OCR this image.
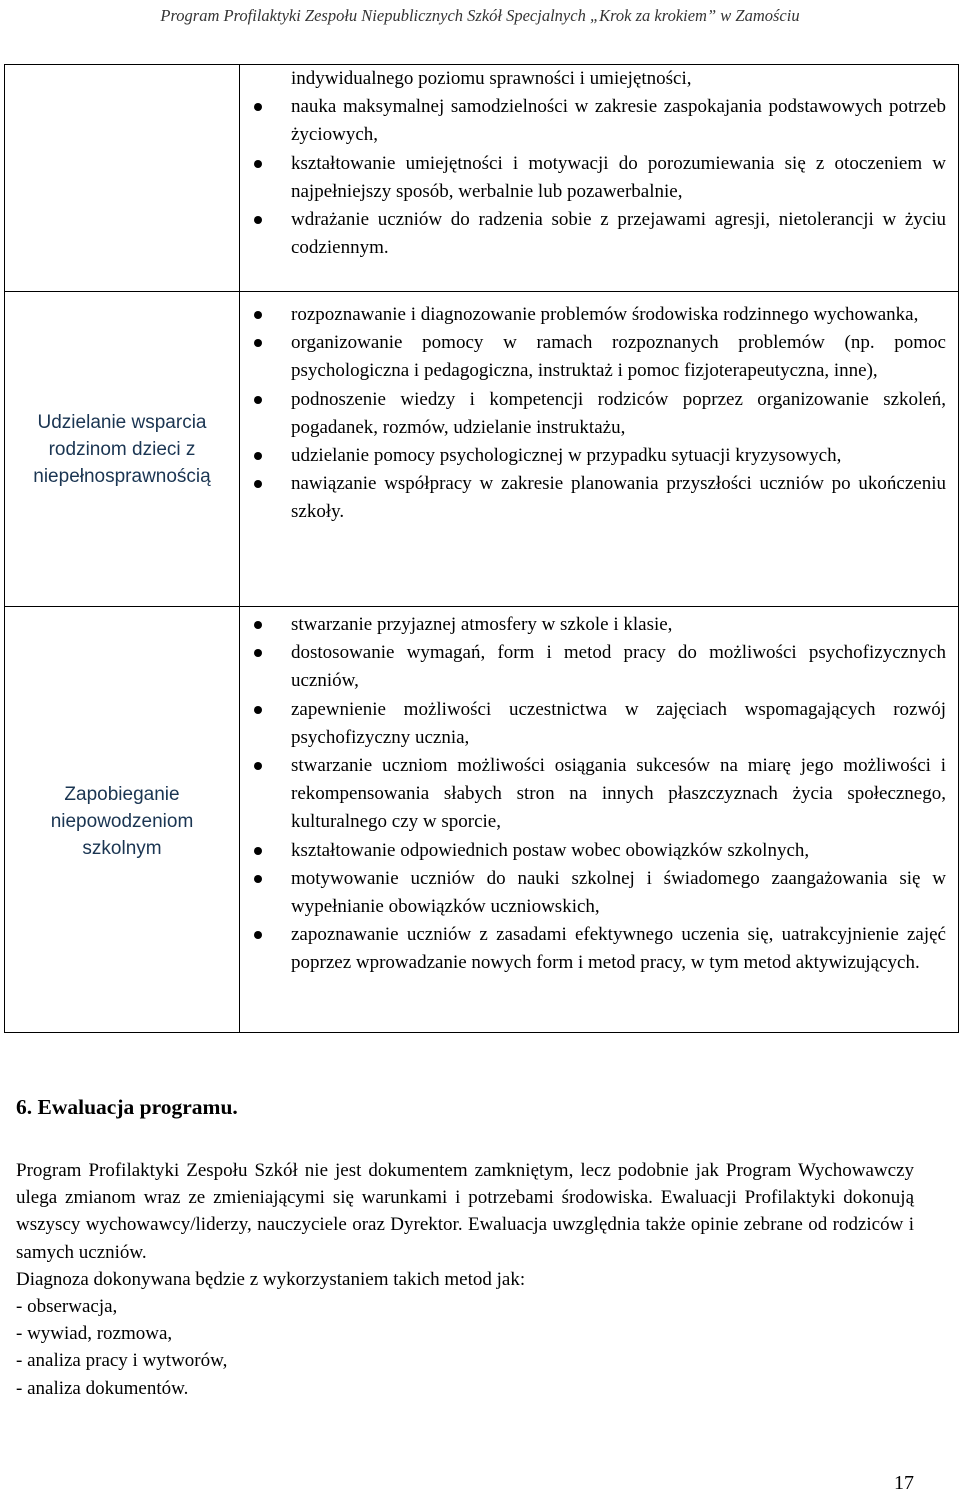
Program Profilaktyki Zespołu Niepublicznych Szkół Specjalnych „Krok za krokiem” w Zamościu
indywidualnego poziomu sprawności i umiejętności,
nauka maksymalnej samodzielności w zakresie zaspokajania podstawowych potrzeb życiowych,
kształtowanie umiejętności i motywacji do porozumiewania się z otoczeniem w najpełniejszy sposób, werbalnie lub pozawerbalnie,
wdrażanie uczniów do radzenia sobie z przejawami agresji, nietolerancji w życiu codziennym.
Udzielanie wsparcia rodzinom dzieci z niepełnosprawnością
rozpoznawanie i diagnozowanie problemów środowiska rodzinnego wychowanka,
organizowanie pomocy w ramach rozpoznanych problemów (np. pomoc psychologiczna i pedagogiczna, instruktaż i pomoc fizjoterapeutyczna, inne),
podnoszenie wiedzy i kompetencji rodziców poprzez organizowanie szkoleń, pogadanek, rozmów, udzielanie instruktażu,
udzielanie pomocy psychologicznej w przypadku sytuacji kryzysowych,
nawiązanie współpracy w zakresie planowania przyszłości uczniów po ukończeniu szkoły.
Zapobieganie niepowodzeniom szkolnym
stwarzanie przyjaznej atmosfery w szkole i klasie,
dostosowanie wymagań, form i metod pracy do możliwości psychofizycznych uczniów,
zapewnienie możliwości uczestnictwa w zajęciach wspomagających rozwój psychofizyczny ucznia,
stwarzanie uczniom możliwości osiągania sukcesów na miarę jego możliwości i rekompensowania słabych stron na innych płaszczyznach życia społecznego, kulturalnego czy w sporcie,
kształtowanie odpowiednich postaw wobec obowiązków szkolnych,
motywowanie uczniów do nauki szkolnej i świadomego zaangażowania się w wypełnianie obowiązków uczniowskich,
zapoznawanie uczniów z zasadami efektywnego uczenia się, uatrakcyjnienie zajęć poprzez wprowadzanie nowych form i metod pracy, w tym metod aktywizujących.
6. Ewaluacja programu.

Program Profilaktyki Zespołu Szkół nie jest dokumentem zamkniętym, lecz podobnie jak Program Wychowawczy ulega zmianom wraz ze zmieniającymi się warunkami i potrzebami środowiska. Ewaluacji Profilaktyki dokonują wszyscy wychowawcy/liderzy, nauczyciele oraz Dyrektor. Ewaluacja uwzględnia także opinie zebrane od rodziców i samych uczniów.

Diagnoza dokonywana będzie z wykorzystaniem takich metod jak:

- obserwacja,
- wywiad, rozmowa,
- analiza pracy i wytworów,
- analiza dokumentów.
17
